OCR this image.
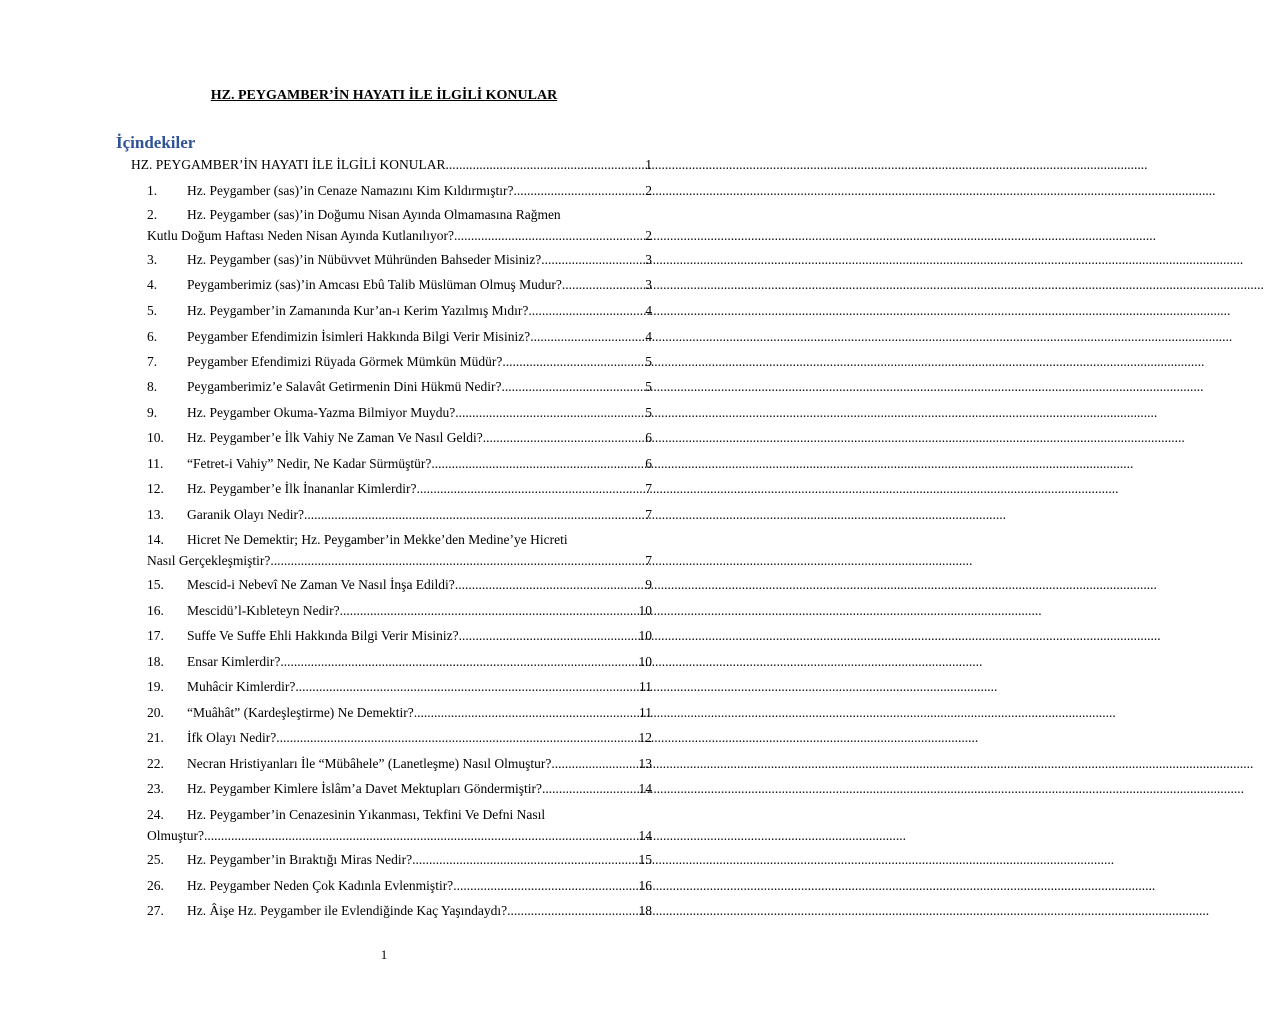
HZ. PEYGAMBER’İN HAYATI İLE İLGİLİ KONULAR
İçindekiler
HZ. PEYGAMBER’İN HAYATI İLE İLGİLİ KONULAR .....	1
1.	Hz. Peygamber (sas)’in Cenaze Namazını Kim Kıldırmıştır? .....	2
2.	Hz. Peygamber (sas)’in Doğumu Nisan Ayında Olmamasına Rağmen
Kutlu Doğum Haftası Neden Nisan Ayında Kutlanılıyor? .....	2
3.	Hz. Peygamber (sas)’in Nübüvvet Mühründen Bahseder Misiniz? .....	3
4.	Peygamberimiz (sas)’in Amcası Ebû Talib Müslüman Olmuş Mudur? .....	3
5.	Hz. Peygamber’in Zamanında Kur’an-ı Kerim Yazılmış Mıdır? .....	4
6.	Peygamber Efendimizin İsimleri Hakkında Bilgi Verir Misiniz? .....	4
7.	Peygamber Efendimizi Rüyada Görmek Mümkün Müdür? .....	5
8.	Peygamberimiz’e Salavât Getirmenin Dini Hükmü Nedir? .....	5
9.	Hz. Peygamber Okuma-Yazma Bilmiyor Muydu? .....	5
10.	Hz. Peygamber’e İlk Vahiy Ne Zaman Ve Nasıl Geldi? .....	6
11.	“Fetret-i Vahiy” Nedir, Ne Kadar Sürmüştür? .....	6
12.	Hz. Peygamber’e İlk İnananlar Kimlerdir? .....	7
13.	Garanik Olayı Nedir? .....	7
14.	Hicret Ne Demektir; Hz. Peygamber’in Mekke’den Medine’ye Hicreti
Nasıl Gerçekleşmiştir? .....	7
15.	Mescid-i Nebevî Ne Zaman Ve Nasıl İnşa Edildi? .....	9
16.	Mescidü’l-Kıbleteyn Nedir? .....	10
17.	Suffe Ve Suffe Ehli Hakkında Bilgi Verir Misiniz? .....	10
18.	Ensar Kimlerdir? .....	10
19.	Muhâcir Kimlerdir? .....	11
20.	“Muâhât” (Kardeşleştirme) Ne Demektir? .....	11
21.	İfk Olayı Nedir? .....	12
22.	Necran Hristiyanları İle “Mübâhele” (Lanetleşme) Nasıl Olmuştur? .....	13
23.	Hz. Peygamber Kimlere İslâm’a Davet Mektupları Göndermiştir? .....	14
24.	Hz. Peygamber’in Cenazesinin Yıkanması, Tekfini Ve Defni Nasıl
Olmuştur? .....	14
25.	Hz. Peygamber’in Bıraktığı Miras Nedir? .....	15
26.	Hz. Peygamber Neden Çok Kadınla Evlenmiştir? .....	16
27.	Hz. Âişe Hz. Peygamber ile Evlendiğinde Kaç Yaşındaydı? .....	18
1
